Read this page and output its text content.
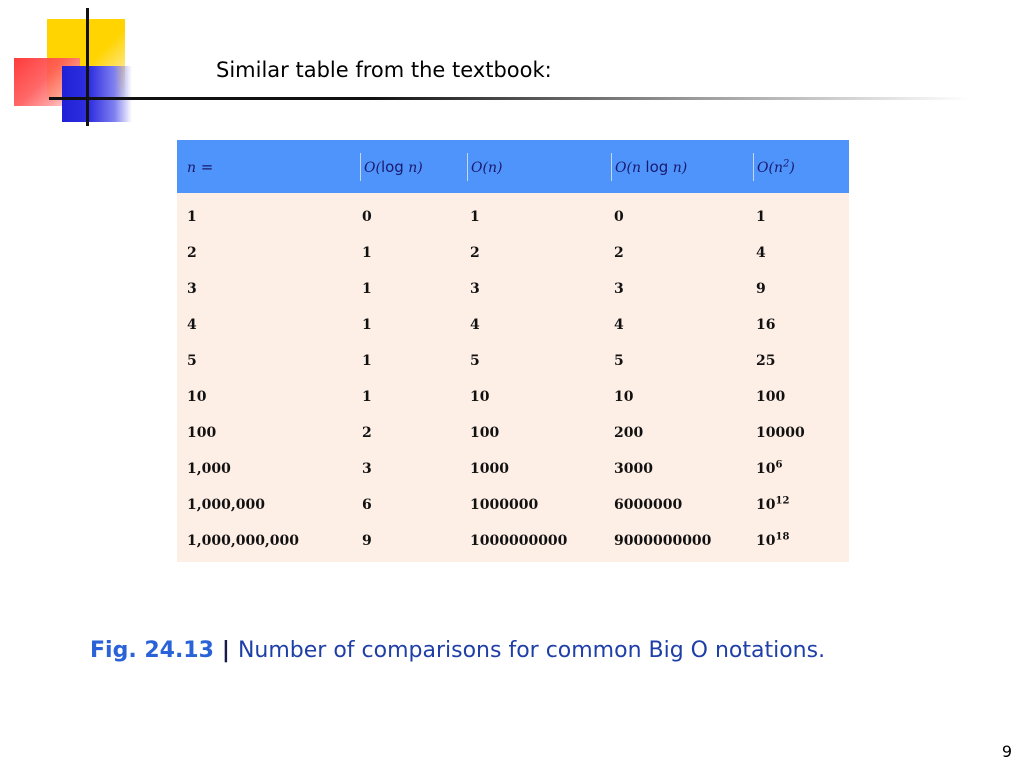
Similar table from the textbook:
n =	O(log n)	O(n)	O(n log n)	$O(n^2)$
1	0	1	0	1
2	1	2	2	4
3	1	3	3	9
4	1	4	4	16
5	1	5	5	25
10	1	10	10	100
100	2	100	200	10000
1,000	3	1000	3000	$10^6$
1,000,000	6	1000000	6000000	$10^{12}$
1,000,000,000	9	1000000000	9000000000	$10^{18}$
Fig. 24.13 | Number of comparisons for common Big O notations.
9
